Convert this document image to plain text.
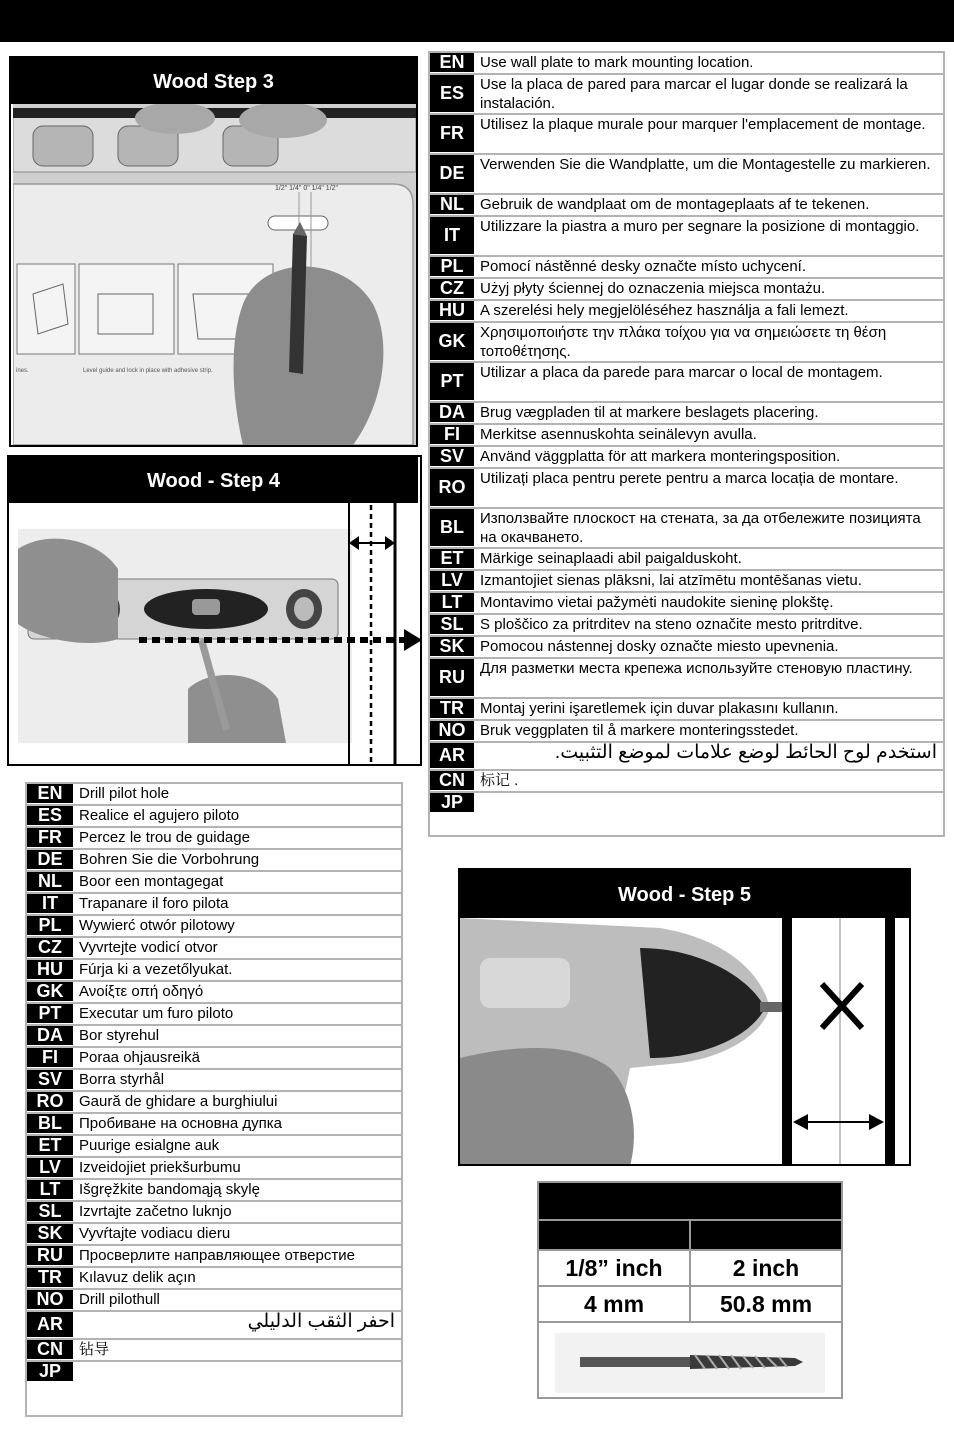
Wood Step 3
1/2" 1/4" 0" 1/4" 1/2"
Level guide and lock in place with adhesive strip.
ines.
Wood - Step 4
EN	Use wall plate to mark mounting location.
ES	Use la placa de pared para marcar el lugar donde se realizará la instalación.
FR	Utilisez la plaque murale pour marquer l'emplacement de montage.
DE	Verwenden Sie die Wandplatte, um die Montagestelle zu markieren.
NL	Gebruik de wandplaat om de montageplaats af te tekenen.
IT	Utilizzare la piastra a muro per segnare la posizione di montaggio.
PL	Pomocí nástěnné desky označte místo uchycení.
CZ	Użyj płyty ściennej do oznaczenia miejsca montażu.
HU	A szerelési hely megjelöléséhez használja a fali lemezt.
GK Χρησιμοποιήστε την πλάκα τοίχου για να σημειώσετε τη θέση τοποθέτησης.
PT	Utilizar a placa da parede para marcar o local de montagem.
DA	Brug vægpladen til at markere beslagets placering.
FI	Merkitse asennuskohta seinälevyn avulla.
SV	Använd väggplatta för att markera monteringsposition.
RO Utilizați placa pentru perete pentru a marca locația de montare.
BL	Използвайте плоскост на стената, за да отбележите позицията на окачването.
ET	Märkige seinaplaadi abil paigalduskoht.
LV	Izmantojiet sienas plāksni, lai atzīmētu montēšanas vietu.
LT	Montavimo vietai pažymėti naudokite sieninę plokštę.
SL	S ploščico za pritrditev na steno označite mesto pritrditve.
SK	Pomocou nástennej dosky označte miesto upevnenia.
RU	Для разметки места крепежа используйте стеновую пластину.
TR	Montaj yerini işaretlemek için duvar plakasını kullanın.
NO Bruk veggplaten til å markere monteringsstedet.
AR	استخدم لوح الحائط لوضع علامات لموضع التثبيت.
CN	标记 .
JP
EN	Drill pilot hole
ES	Realice el agujero piloto
FR	Percez le trou de guidage
DE	Bohren Sie die Vorbohrung
NL	Boor een montagegat
IT	Trapanare il foro pilota
PL	Wywierć otwór pilotowy
CZ	Vyvrtejte vodicí otvor
HU	Fúrja ki a vezetőlyukat.
GK	Ανοίξτε οπή οδηγό
PT	Executar um furo piloto
DA	Bor styrehul
FI	Poraa ohjausreikä
SV	Borra styrhål
RO	Gaură de ghidare a burghiului
BL	Пробиване на основна дупка
ET	Puurige esialgne auk
LV	Izveidojiet priekšurbumu
LT	Išgręžkite bandomąją skylę
SL	Izvrtajte začetno luknjo
SK	Vyvŕtajte vodiacu dieru
RU	Просверлите направляющее отверстие
TR	Kılavuz delik açın
NO	Drill pilothull
AR	احفر الثقب الدليلي
CN	钻导
JP
Wood - Step 5
1/8” inch	2 inch
4 mm	50.8 mm
